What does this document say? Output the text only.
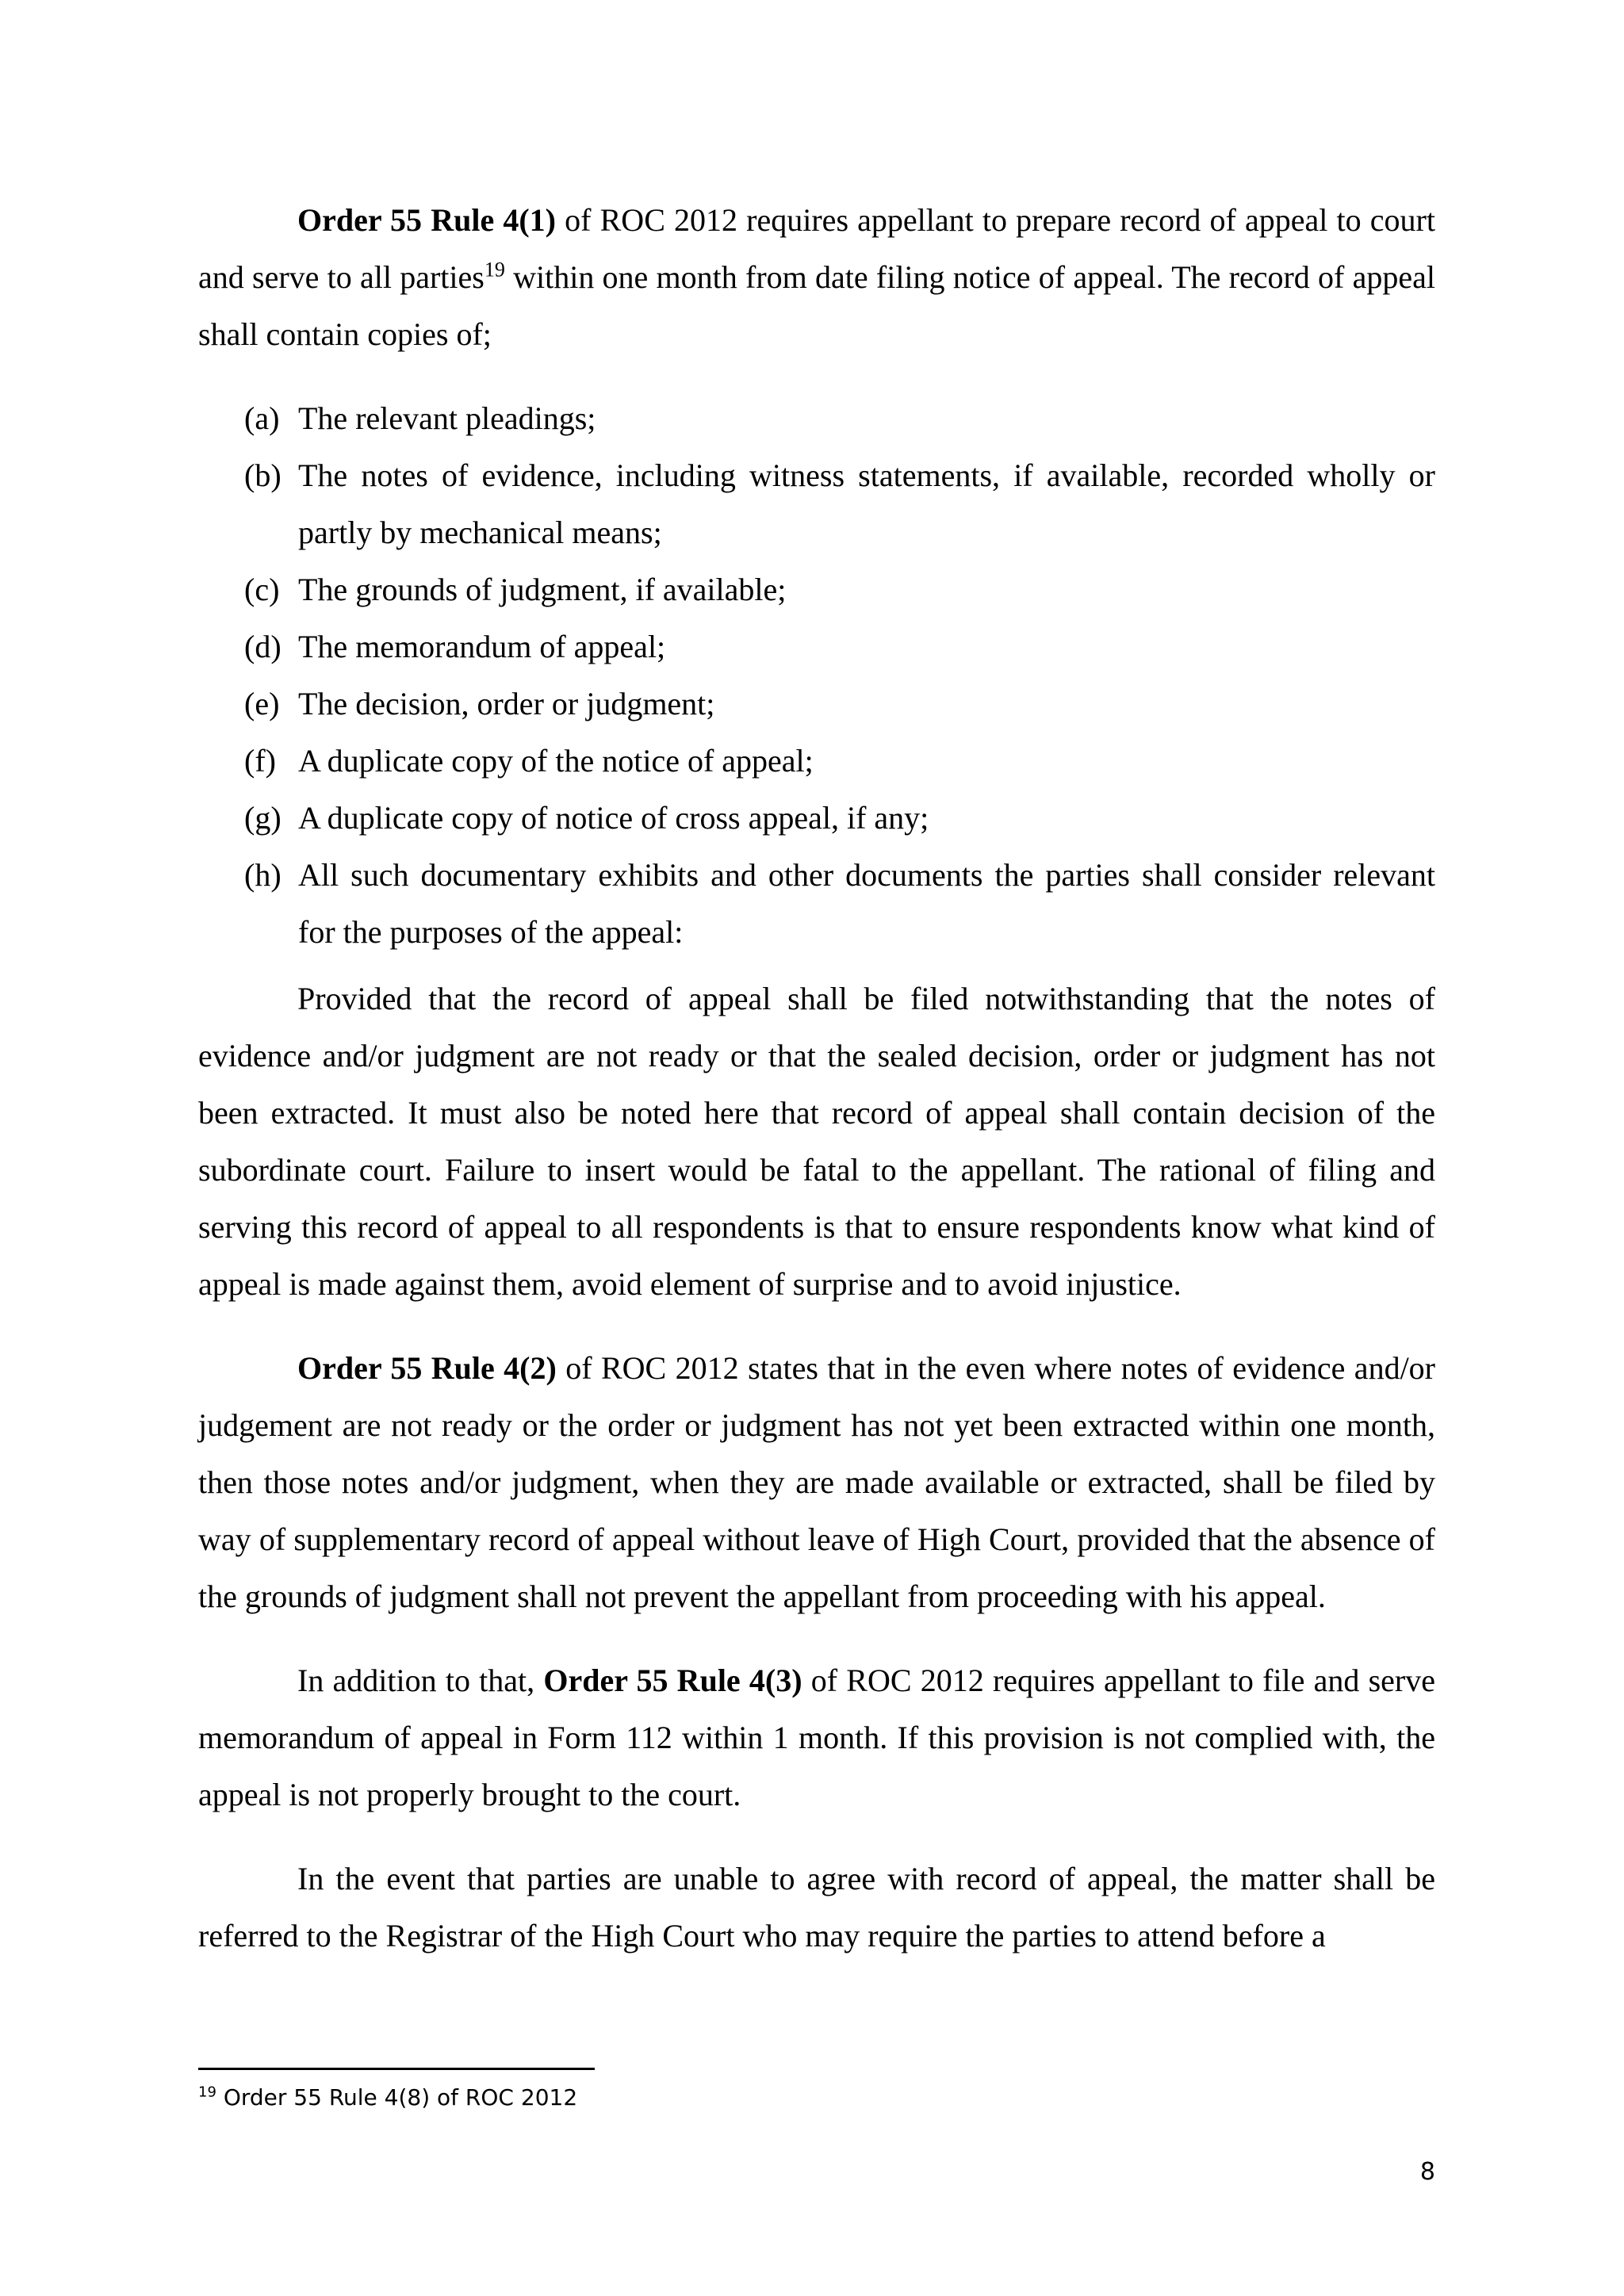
Order 55 Rule 4(1) of ROC 2012 requires appellant to prepare record of appeal to court and serve to all parties$^{19}$ within one month from date filing notice of appeal. The record of appeal shall contain copies of;

(a) The relevant pleadings;
(b) The notes of evidence, including witness statements, if available, recorded wholly or partly by mechanical means;
(c) The grounds of judgment, if available;
(d) The memorandum of appeal;
(e) The decision, order or judgment;
(f) A duplicate copy of the notice of appeal;
(g) A duplicate copy of notice of cross appeal, if any;
(h) All such documentary exhibits and other documents the parties shall consider relevant for the purposes of the appeal:

Provided that the record of appeal shall be filed notwithstanding that the notes of evidence and/or judgment are not ready or that the sealed decision, order or judgment has not been extracted. It must also be noted here that record of appeal shall contain decision of the subordinate court. Failure to insert would be fatal to the appellant. The rational of filing and serving this record of appeal to all respondents is that to ensure respondents know what kind of appeal is made against them, avoid element of surprise and to avoid injustice.

Order 55 Rule 4(2) of ROC 2012 states that in the even where notes of evidence and/or judgement are not ready or the order or judgment has not yet been extracted within one month, then those notes and/or judgment, when they are made available or extracted, shall be filed by way of supplementary record of appeal without leave of High Court, provided that the absence of the grounds of judgment shall not prevent the appellant from proceeding with his appeal.

In addition to that, Order 55 Rule 4(3) of ROC 2012 requires appellant to file and serve memorandum of appeal in Form 112 within 1 month. If this provision is not complied with, the appeal is not properly brought to the court.

In the event that parties are unable to agree with record of appeal, the matter shall be referred to the Registrar of the High Court who may require the parties to attend before a

$^{19}$ Order 55 Rule 4(8) of ROC 2012
8
